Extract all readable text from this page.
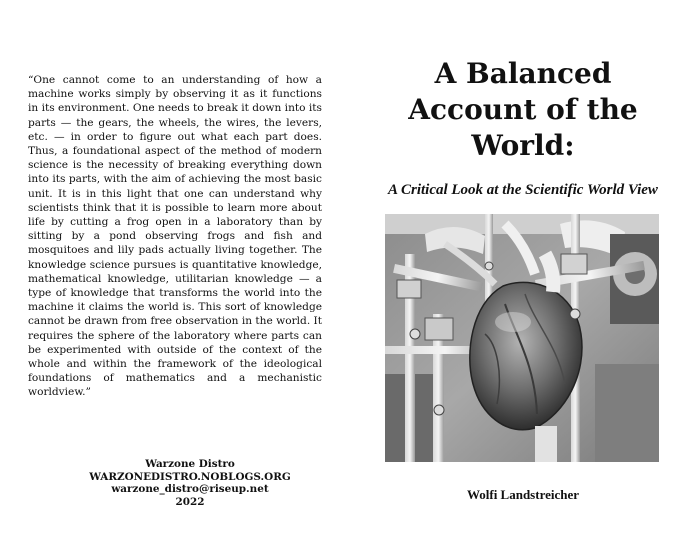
“One cannot come to an understanding of how a machine works simply by observing it as it functions in its environment. One needs to break it down into its parts — the gears, the wheels, the wires, the levers, etc. — in order to figure out what each part does. Thus, a foundational aspect of the method of modern science is the necessity of breaking everything down into its parts, with the aim of achieving the most basic unit. It is in this light that one can understand why scientists think that it is possible to learn more about life by cutting a frog open in a laboratory than by sitting by a pond observing frogs and fish and mosquitoes and lily pads actually living together. The knowledge science pursues is quantitative knowledge, mathematical knowledge, utilitarian knowledge — a type of knowledge that transforms the world into the machine it claims the world is. This sort of knowledge cannot be drawn from free observation in the world. It requires the sphere of the laboratory where parts can be experimented with outside of the context of the whole and within the framework of the ideological foundations of mathematics and a mechanistic worldview.”

Warzone Distro
WARZONEDISTRO.NOBLOGS.ORG
warzone_distro@riseup.net
2022
A Balanced
Account of the
World:

A Critical Look at the Scientific World View

Wolfi Landstreicher
